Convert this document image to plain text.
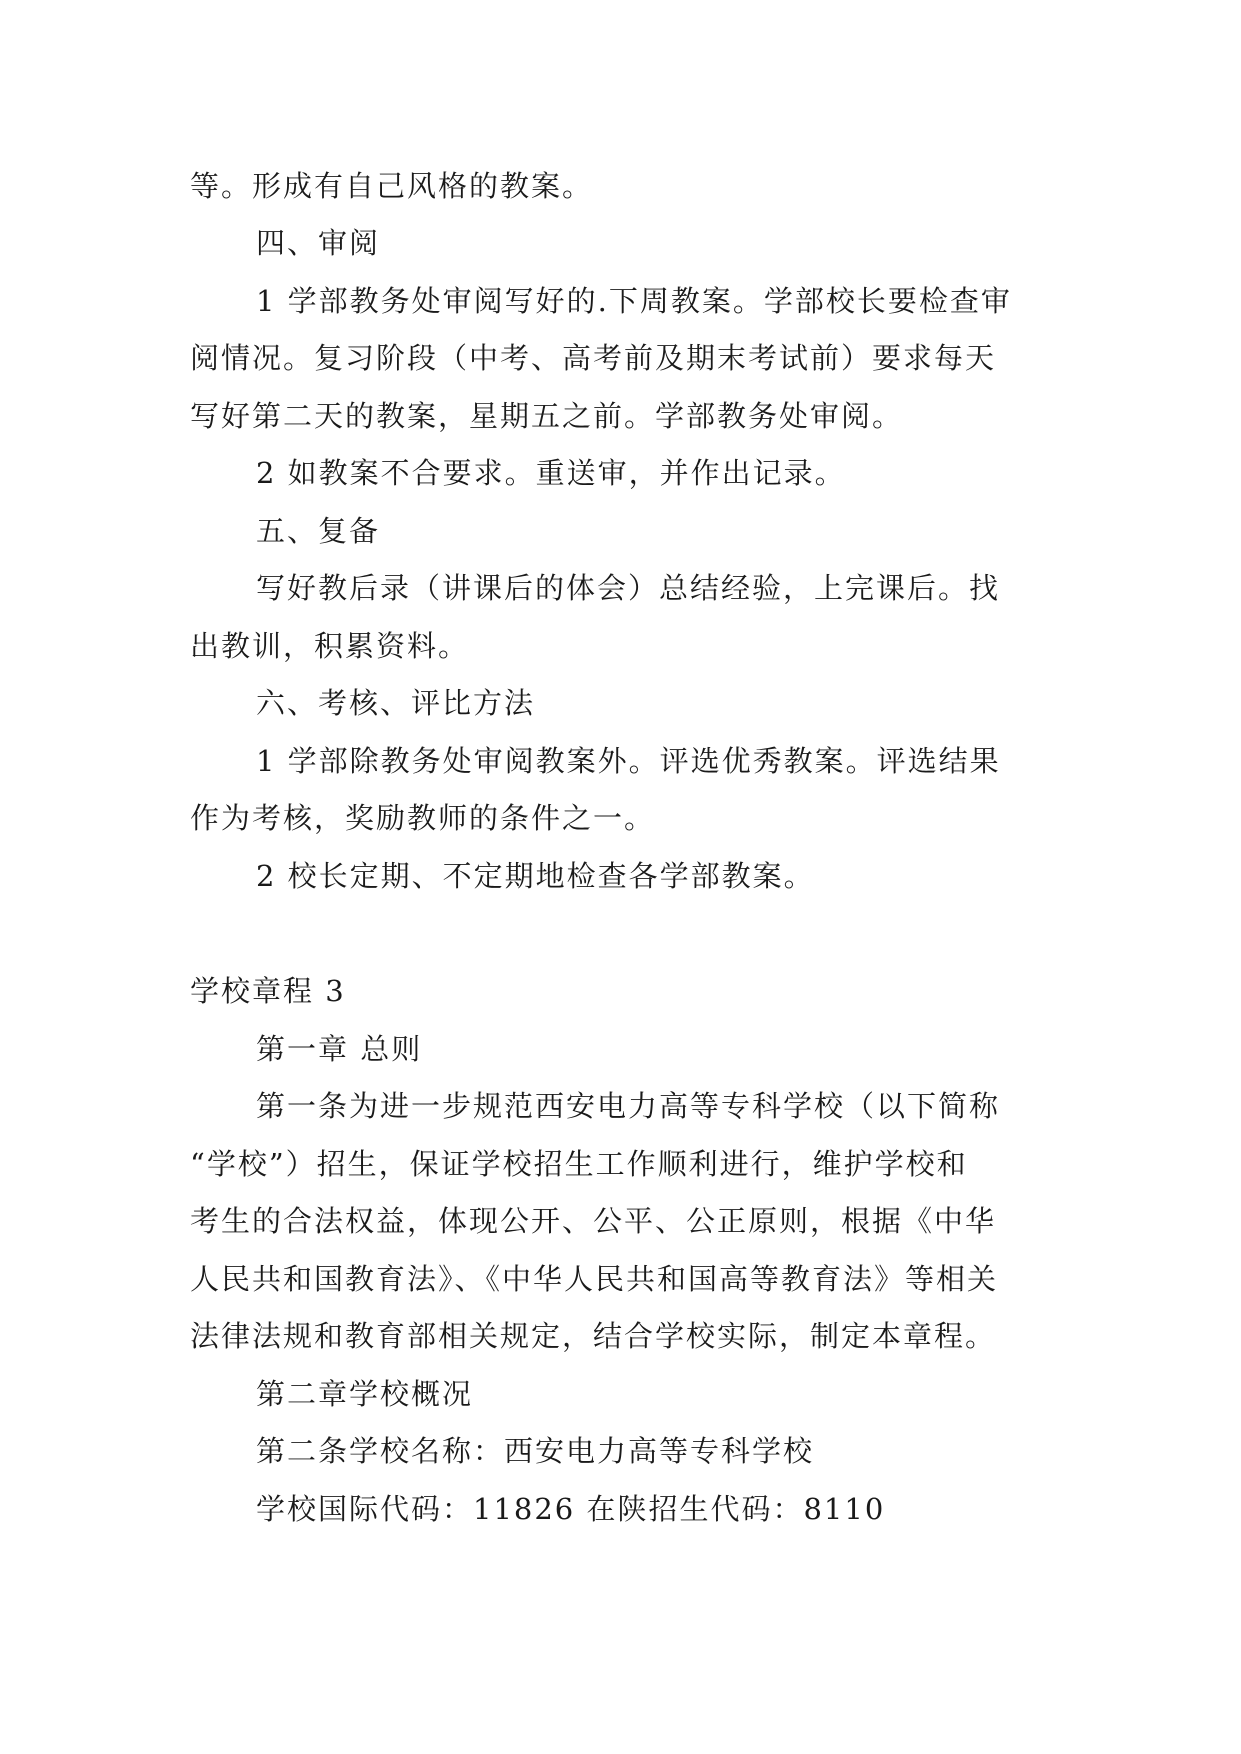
等。形成有自己风格的教案。
四、审阅
1 学部教务处审阅写好的.下周教案。学部校长要检查审
阅情况。复习阶段（中考、高考前及期末考试前）要求每天
写好第二天的教案，星期五之前。学部教务处审阅。
2 如教案不合要求。重送审，并作出记录。
五、复备
写好教后录（讲课后的体会）总结经验，上完课后。找
出教训，积累资料。
六、考核、评比方法
1 学部除教务处审阅教案外。评选优秀教案。评选结果
作为考核，奖励教师的条件之一。
2 校长定期、不定期地检查各学部教案。
学校章程 3
第一章 总则
第一条为进一步规范西安电力高等专科学校（以下简称
“学校”）招生，保证学校招生工作顺利进行，维护学校和
考生的合法权益，体现公开、公平、公正原则，根据《中华
人民共和国教育法》、《中华人民共和国高等教育法》等相关
法律法规和教育部相关规定，结合学校实际，制定本章程。
第二章学校概况
第二条学校名称：西安电力高等专科学校
学校国际代码：11826 在陕招生代码：8110
